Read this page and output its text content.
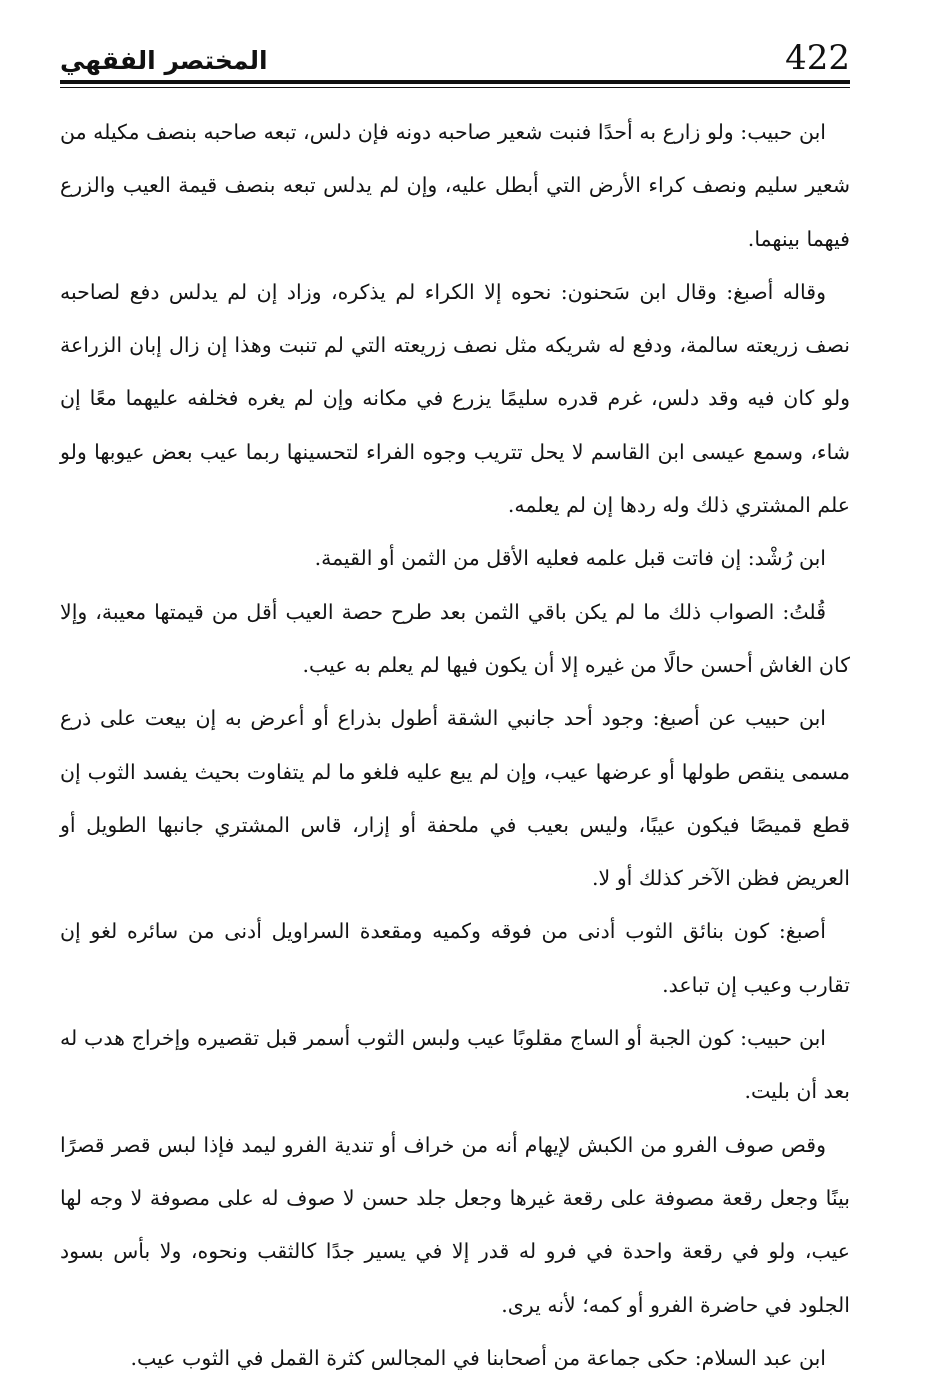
422
المختصر الفقهي

ابن حبيب: ولو زارع به أحدًا فنبت شعير صاحبه دونه فإن دلس، تبعه صاحبه بنصف مكيله من شعير سليم ونصف كراء الأرض التي أبطل عليه، وإن لم يدلس تبعه بنصف قيمة العيب والزرع فيهما بينهما.

وقاله أصبغ: وقال ابن سَحنون: نحوه إلا الكراء لم يذكره، وزاد إن لم يدلس دفع لصاحبه نصف زريعته سالمة، ودفع له شريكه مثل نصف زريعته التي لم تنبت وهذا إن زال إبان الزراعة ولو كان فيه وقد دلس، غرم قدره سليمًا يزرع في مكانه وإن لم يغره فخلفه عليهما معًا إن شاء، وسمع عيسى ابن القاسم لا يحل تتريب وجوه الفراء لتحسينها ربما عيب بعض عيوبها ولو علم المشتري ذلك وله ردها إن لم يعلمه.

ابن رُشْد: إن فاتت قبل علمه فعليه الأقل من الثمن أو القيمة.

قُلتُ: الصواب ذلك ما لم يكن باقي الثمن بعد طرح حصة العيب أقل من قيمتها معيبة، وإلا كان الغاش أحسن حالًا من غيره إلا أن يكون فيها لم يعلم به عيب.

ابن حبيب عن أصبغ: وجود أحد جانبي الشقة أطول بذراع أو أعرض به إن بيعت على ذرع مسمى ينقص طولها أو عرضها عيب، وإن لم يبع عليه فلغو ما لم يتفاوت بحيث يفسد الثوب إن قطع قميصًا فيكون عيبًا، وليس بعيب في ملحفة أو إزار، قاس المشتري جانبها الطويل أو العريض فظن الآخر كذلك أو لا.

أصبغ: كون بنائق الثوب أدنى من فوقه وكميه ومقعدة السراويل أدنى من سائره لغو إن تقارب وعيب إن تباعد.

ابن حبيب: كون الجبة أو الساج مقلوبًا عيب ولبس الثوب أسمر قبل تقصيره وإخراج هدب له بعد أن بليت.

وقص صوف الفرو من الكبش لإيهام أنه من خراف أو تندية الفرو ليمد فإذا لبس قصر قصرًا بينًا وجعل رقعة مصوفة على رقعة غيرها وجعل جلد حسن لا صوف له على مصوفة لا وجه لها عيب، ولو في رقعة واحدة في فرو له قدر إلا في يسير جدًا كالثقب ونحوه، ولا بأس بسود الجلود في حاضرة الفرو أو كمه؛ لأنه يرى.

ابن عبد السلام: حكى جماعة من أصحابنا في المجالس كثرة القمل في الثوب عيب.
